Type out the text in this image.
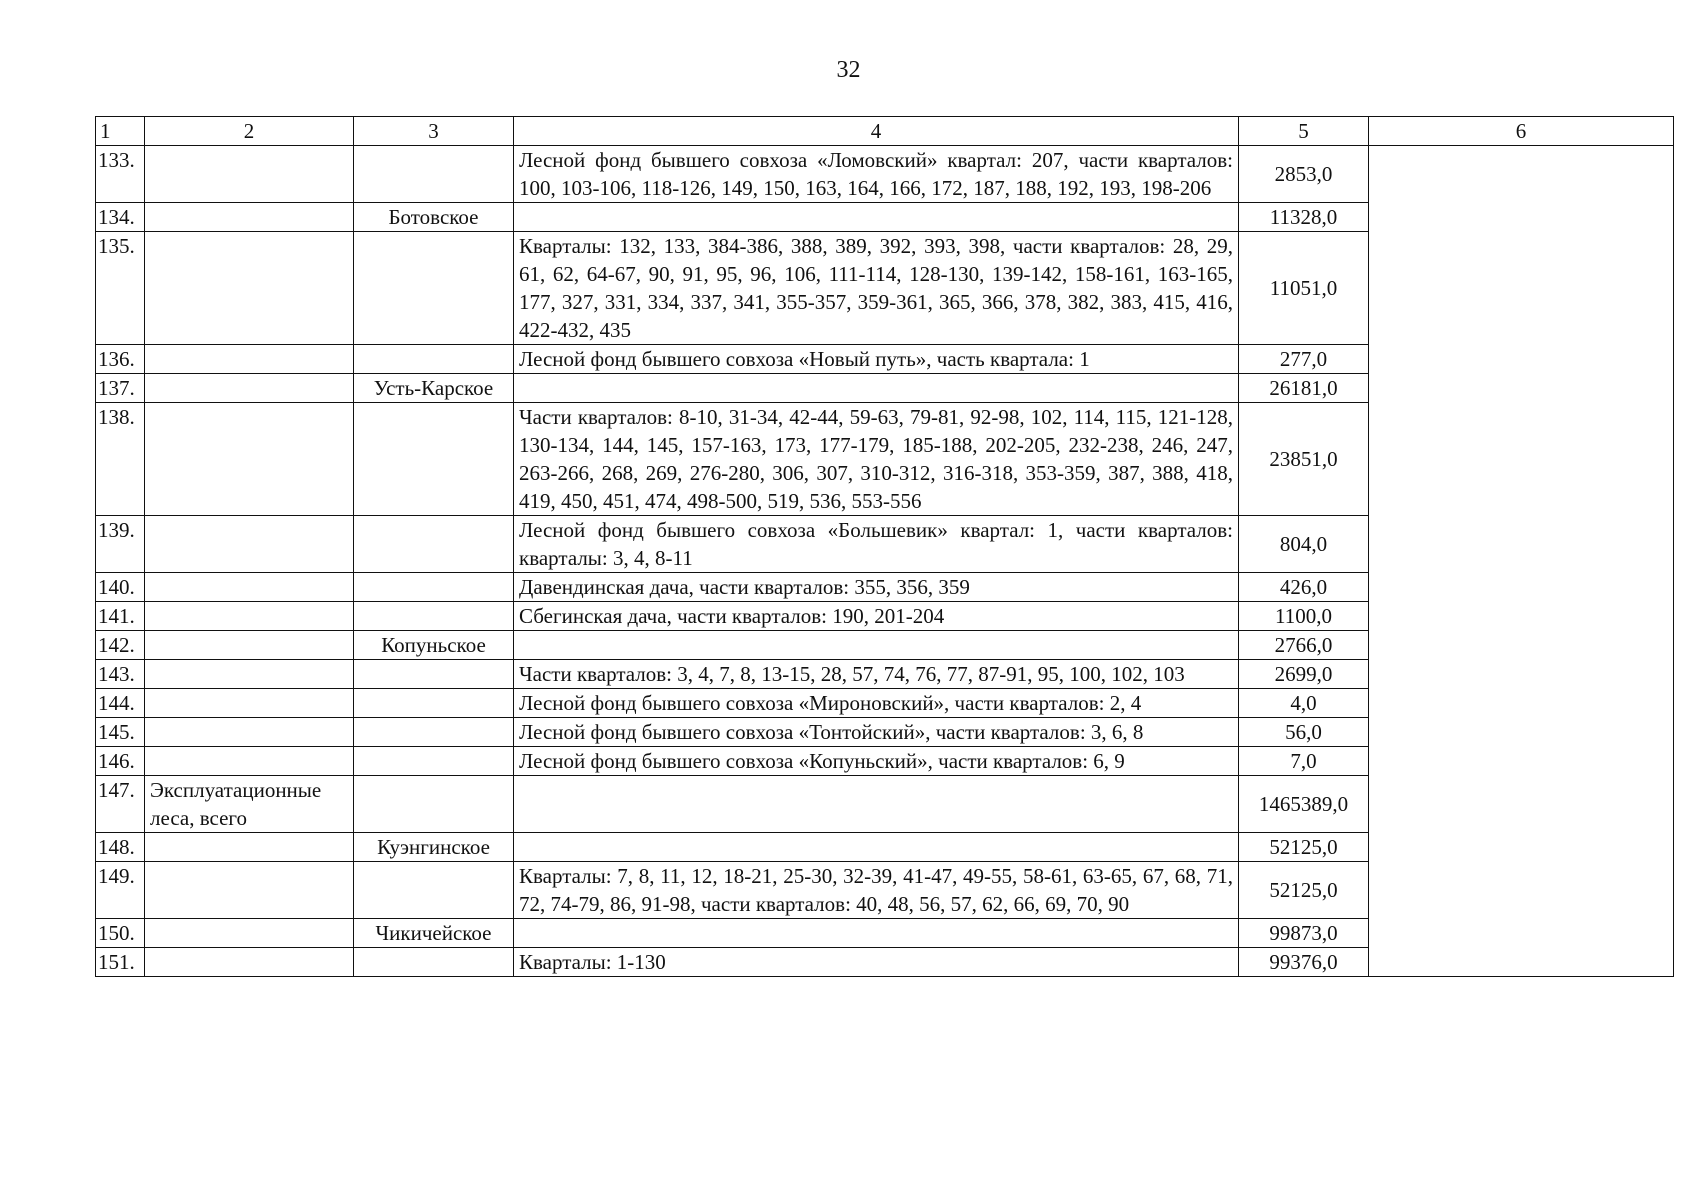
32
1	2	3	4	5	6
133.			Лесной фонд бывшего совхоза «Ломовский» квартал: 207, части кварталов: 100, 103-106, 118-126, 149, 150, 163, 164, 166, 172, 187, 188, 192, 193, 198-206	2853,0	
134.		Ботовское		11328,0	
135.			Кварталы: 132, 133, 384-386, 388, 389, 392, 393, 398, части кварталов: 28, 29, 61, 62, 64-67, 90, 91, 95, 96, 106, 111-114, 128-130, 139-142, 158-161, 163-165, 177, 327, 331, 334, 337, 341, 355-357, 359-361, 365, 366, 378, 382, 383, 415, 416, 422-432, 435	11051,0	
136.			Лесной фонд бывшего совхоза «Новый путь», часть квартала: 1	277,0	
137.		Усть-Карское		26181,0	
138.			Части кварталов: 8-10, 31-34, 42-44, 59-63, 79-81, 92-98, 102, 114, 115, 121-128, 130-134, 144, 145, 157-163, 173, 177-179, 185-188, 202-205, 232-238, 246, 247, 263-266, 268, 269, 276-280, 306, 307, 310-312, 316-318, 353-359, 387, 388, 418, 419, 450, 451, 474, 498-500, 519, 536, 553-556	23851,0	
139.			Лесной фонд бывшего совхоза «Большевик» квартал: 1, части кварталов: кварталы: 3, 4, 8-11	804,0	
140.			Давендинская дача, части кварталов: 355, 356, 359	426,0	
141.			Сбегинская дача, части кварталов: 190, 201-204	1100,0	
142.		Копуньское		2766,0	
143.			Части кварталов: 3, 4, 7, 8, 13-15, 28, 57, 74, 76, 77, 87-91, 95, 100, 102, 103	2699,0	
144.			Лесной фонд бывшего совхоза «Мироновский», части кварталов: 2, 4	4,0	
145.			Лесной фонд бывшего совхоза «Тонтойский», части кварталов: 3, 6, 8	56,0	
146.			Лесной фонд бывшего совхоза «Копуньский», части кварталов: 6, 9	7,0	
147.	Эксплуатационные леса, всего			1465389,0	
148.		Куэнгинское		52125,0	
149.			Кварталы: 7, 8, 11, 12, 18-21, 25-30, 32-39, 41-47, 49-55, 58-61, 63-65, 67, 68, 71, 72, 74-79, 86, 91-98, части кварталов: 40, 48, 56, 57, 62, 66, 69, 70, 90	52125,0	
150.		Чикичейское		99873,0	
151.			Кварталы: 1-130	99376,0	
